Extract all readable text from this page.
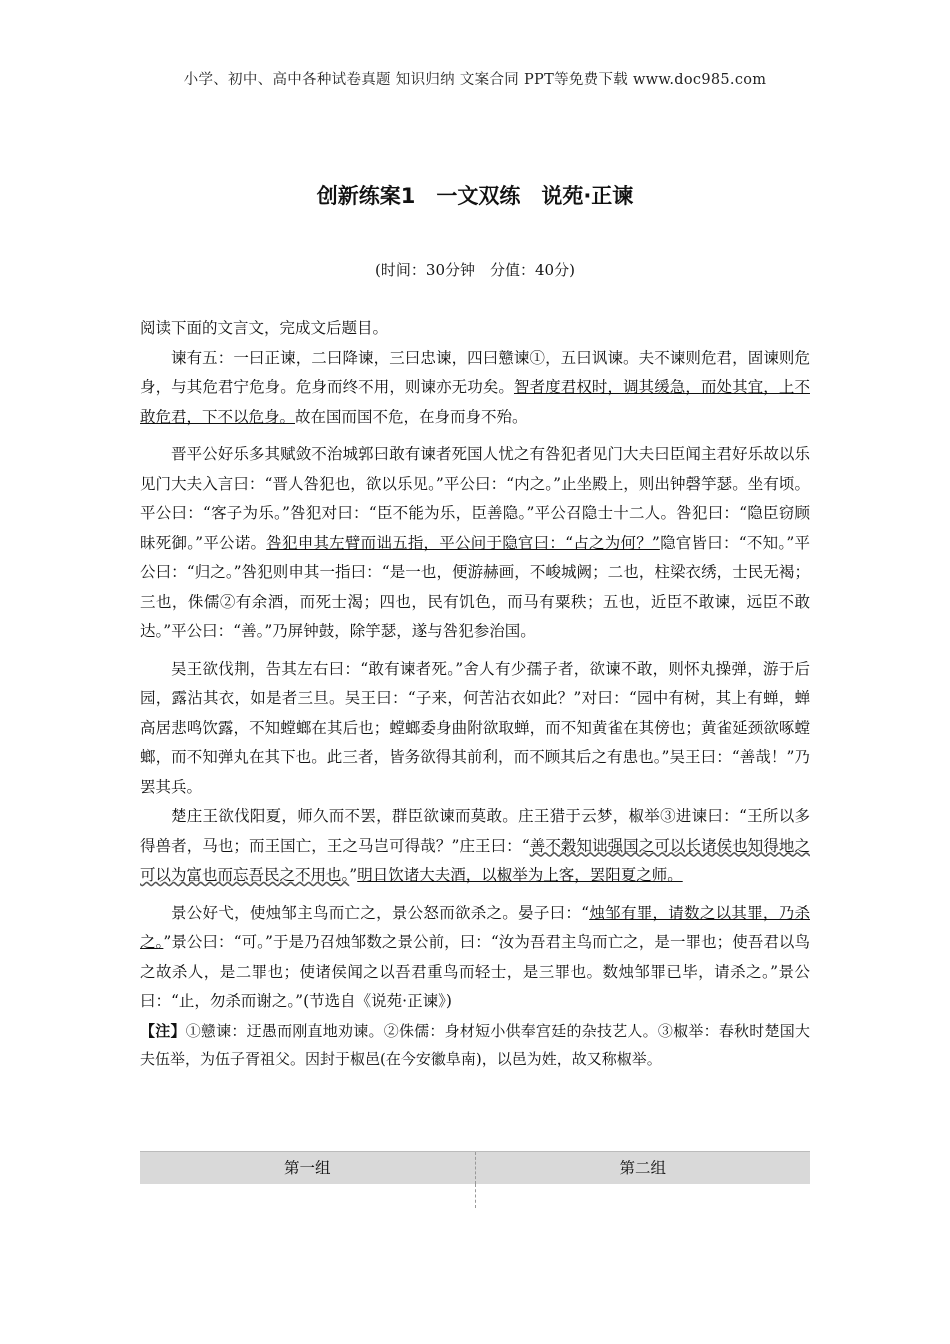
小学、初中、高中各种试卷真题 知识归纳 文案合同 PPT等免费下载 www.doc985.com
创新练案1　一文双练　说苑·正谏
(时间：30分钟　分值：40分)

阅读下面的文言文，完成文后题目。

谏有五：一曰正谏，二曰降谏，三曰忠谏，四曰戆谏①，五曰讽谏。夫不谏则危君，固谏则危身，与其危君宁危身。危身而终不用，则谏亦无功矣。智者度君权时，调其缓急，而处其宜，上不敢危君，下不以危身。故在国而国不危，在身而身不殆。

晋平公好乐多其赋敛不治城郭曰敢有谏者死国人忧之有咎犯者见门大夫曰臣闻主君好乐故以乐见门大夫入言曰：“晋人咎犯也，欲以乐见。”平公曰：“内之。”止坐殿上，则出钟磬竽瑟。坐有顷。平公曰：“客子为乐。”咎犯对曰：“臣不能为乐，臣善隐。”平公召隐士十二人。咎犯曰：“隐臣窃顾昧死御。”平公诺。咎犯申其左臂而诎五指，平公问于隐官曰：“占之为何？”隐官皆曰：“不知。”平公曰：“归之。”咎犯则申其一指曰：“是一也，便游赫画，不峻城阙；二也，柱梁衣绣，士民无褐；三也，侏儒②有余酒，而死士渴；四也，民有饥色，而马有粟秩；五也，近臣不敢谏，远臣不敢达。”平公曰：“善。”乃屏钟鼓，除竽瑟，遂与咎犯参治国。

吴王欲伐荆，告其左右曰：“敢有谏者死。”舍人有少孺子者，欲谏不敢，则怀丸操弹，游于后园，露沾其衣，如是者三旦。吴王曰：“子来，何苦沾衣如此？”对曰：“园中有树，其上有蝉，蝉高居悲鸣饮露，不知螳螂在其后也；螳螂委身曲附欲取蝉，而不知黄雀在其傍也；黄雀延颈欲啄螳螂，而不知弹丸在其下也。此三者，皆务欲得其前利，而不顾其后之有患也。”吴王曰：“善哉！”乃罢其兵。

楚庄王欲伐阳夏，师久而不罢，群臣欲谏而莫敢。庄王猎于云梦，椒举③进谏曰：“王所以多得兽者，马也；而王国亡，王之马岂可得哉？”庄王曰：“善不穀知诎强国之可以长诸侯也知得地之可以为富也而忘吾民之不用也。”明日饮诸大夫酒，以椒举为上客，罢阳夏之师。

景公好弋，使烛邹主鸟而亡之，景公怒而欲杀之。晏子曰：“烛邹有罪，请数之以其罪，乃杀之。”景公曰：“可。”于是乃召烛邹数之景公前，曰：“汝为吾君主鸟而亡之，是一罪也；使吾君以鸟之故杀人，是二罪也；使诸侯闻之以吾君重鸟而轻士，是三罪也。数烛邹罪已毕，请杀之。”景公曰：“止，勿杀而谢之。”(节选自《说苑·正谏》)

【注】①戆谏：迂愚而刚直地劝谏。②侏儒：身材短小供奉宫廷的杂技艺人。③椒举：春秋时楚国大夫伍举，为伍子胥祖父。因封于椒邑(在今安徽阜南)，以邑为姓，故又称椒举。

第一组	第二组
